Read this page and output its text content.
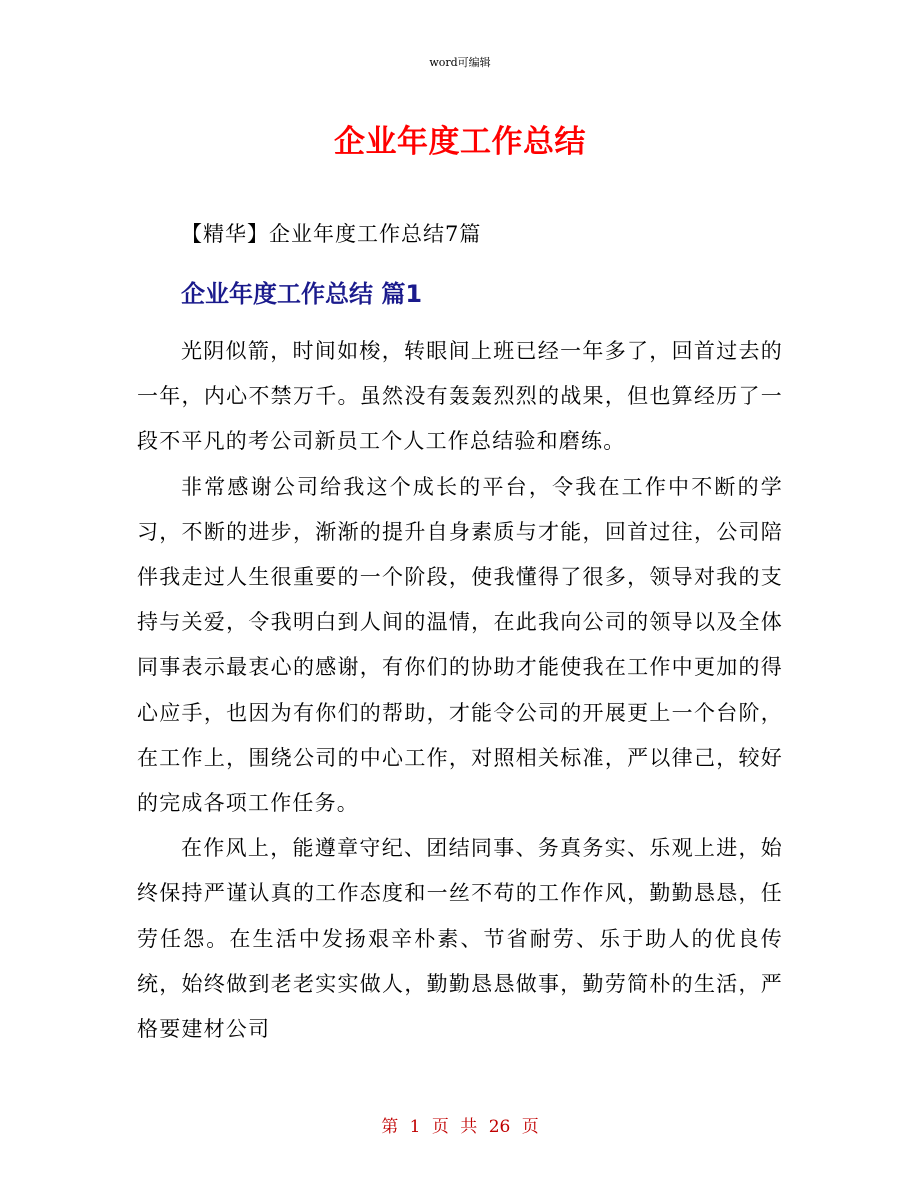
word可编辑
企业年度工作总结
【精华】企业年度工作总结7篇
企业年度工作总结 篇1

光阴似箭，时间如梭，转眼间上班已经一年多了，回首过去的一年，内心不禁万千。虽然没有轰轰烈烈的战果，但也算经历了一段不平凡的考公司新员工个人工作总结验和磨练。

非常感谢公司给我这个成长的平台，令我在工作中不断的学习，不断的进步，渐渐的提升自身素质与才能，回首过往，公司陪伴我走过人生很重要的一个阶段，使我懂得了很多，领导对我的支持与关爱，令我明白到人间的温情，在此我向公司的领导以及全体同事表示最衷心的感谢，有你们的协助才能使我在工作中更加的得心应手，也因为有你们的帮助，才能令公司的开展更上一个台阶，在工作上，围绕公司的中心工作，对照相关标准，严以律己，较好的完成各项工作任务。

在作风上，能遵章守纪、团结同事、务真务实、乐观上进，始终保持严谨认真的工作态度和一丝不苟的工作作风，勤勤恳恳，任劳任怨。在生活中发扬艰辛朴素、节省耐劳、乐于助人的优良传统，始终做到老老实实做人，勤勤恳恳做事，勤劳简朴的生活，严格要建材公司

第 1 页 共 26 页
